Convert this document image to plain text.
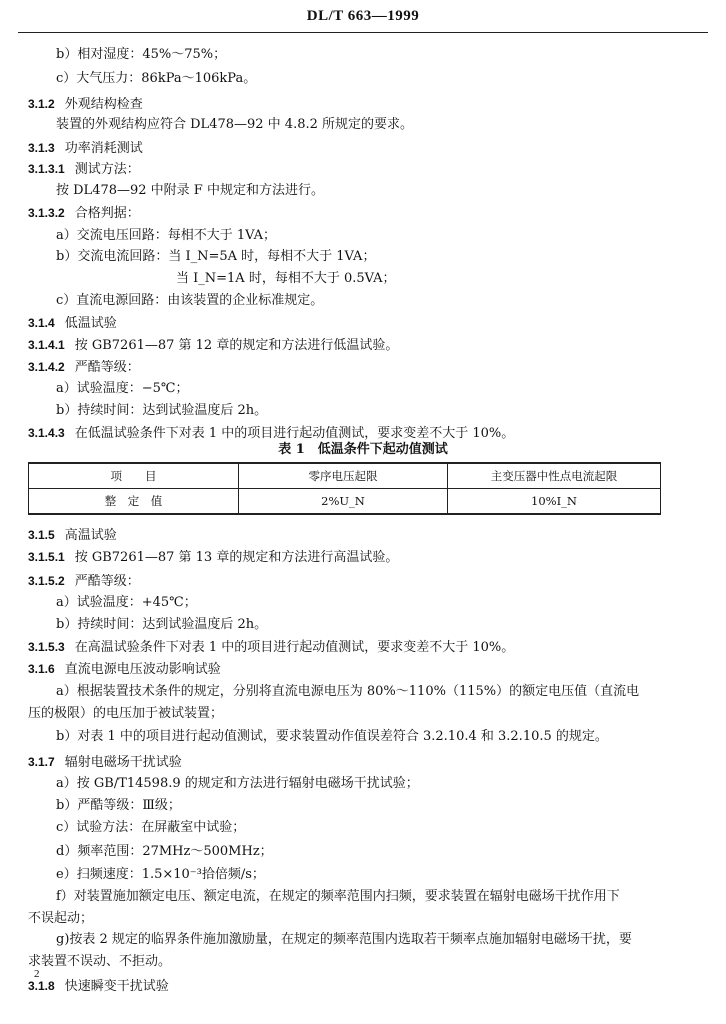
DL/T 663—1999
b）相对湿度：45%～75%；
c）大气压力：86kPa～106kPa。
3.1.2 外观结构检查
装置的外观结构应符合 DL478—92 中 4.8.2 所规定的要求。
3.1.3 功率消耗测试
3.1.3.1 测试方法：
按 DL478—92 中附录 F 中规定和方法进行。
3.1.3.2 合格判据：
a）交流电压回路：每相不大于 1VA；
b）交流电流回路：当 I_N=5A 时，每相不大于 1VA；
当 I_N=1A 时，每相不大于 0.5VA；
c）直流电源回路：由该装置的企业标准规定。
3.1.4 低温试验
3.1.4.1 按 GB7261—87 第 12 章的规定和方法进行低温试验。
3.1.4.2 严酷等级：
a）试验温度：−5℃；
b）持续时间：达到试验温度后 2h。
3.1.4.3 在低温试验条件下对表 1 中的项目进行起动值测试，要求变差不大于 10%。
3.1.5 高温试验
3.1.5.1 按 GB7261—87 第 13 章的规定和方法进行高温试验。
3.1.5.2 严酷等级：
a）试验温度：+45℃；
b）持续时间：达到试验温度后 2h。
3.1.5.3 在高温试验条件下对表 1 中的项目进行起动值测试，要求变差不大于 10%。
3.1.6 直流电源电压波动影响试验
a）根据装置技术条件的规定，分别将直流电源电压为 80%～110%（115%）的额定电压值（直流电
压的极限）的电压加于被试装置；
b）对表 1 中的项目进行起动值测试，要求装置动作值误差符合 3.2.10.4 和 3.2.10.5 的规定。
3.1.7 辐射电磁场干扰试验
a）按 GB/T14598.9 的规定和方法进行辐射电磁场干扰试验；
b）严酷等级：Ⅲ级；
c）试验方法：在屏蔽室中试验；
d）频率范围：27MHz～500MHz；
e）扫频速度：1.5×10⁻³拾倍频/s；
f）对装置施加额定电压、额定电流，在规定的频率范围内扫频，要求装置在辐射电磁场干扰作用下
不误起动；
g)按表 2 规定的临界条件施加激励量，在规定的频率范围内选取若干频率点施加辐射电磁场干扰，要
求装置不误动、不拒动。
3.1.8 快速瞬变干扰试验
表 1　低温条件下起动值测试
项　　目	零序电压起限	主变压器中性点电流起限
整　定　值	2%U_N	10%I_N
2
